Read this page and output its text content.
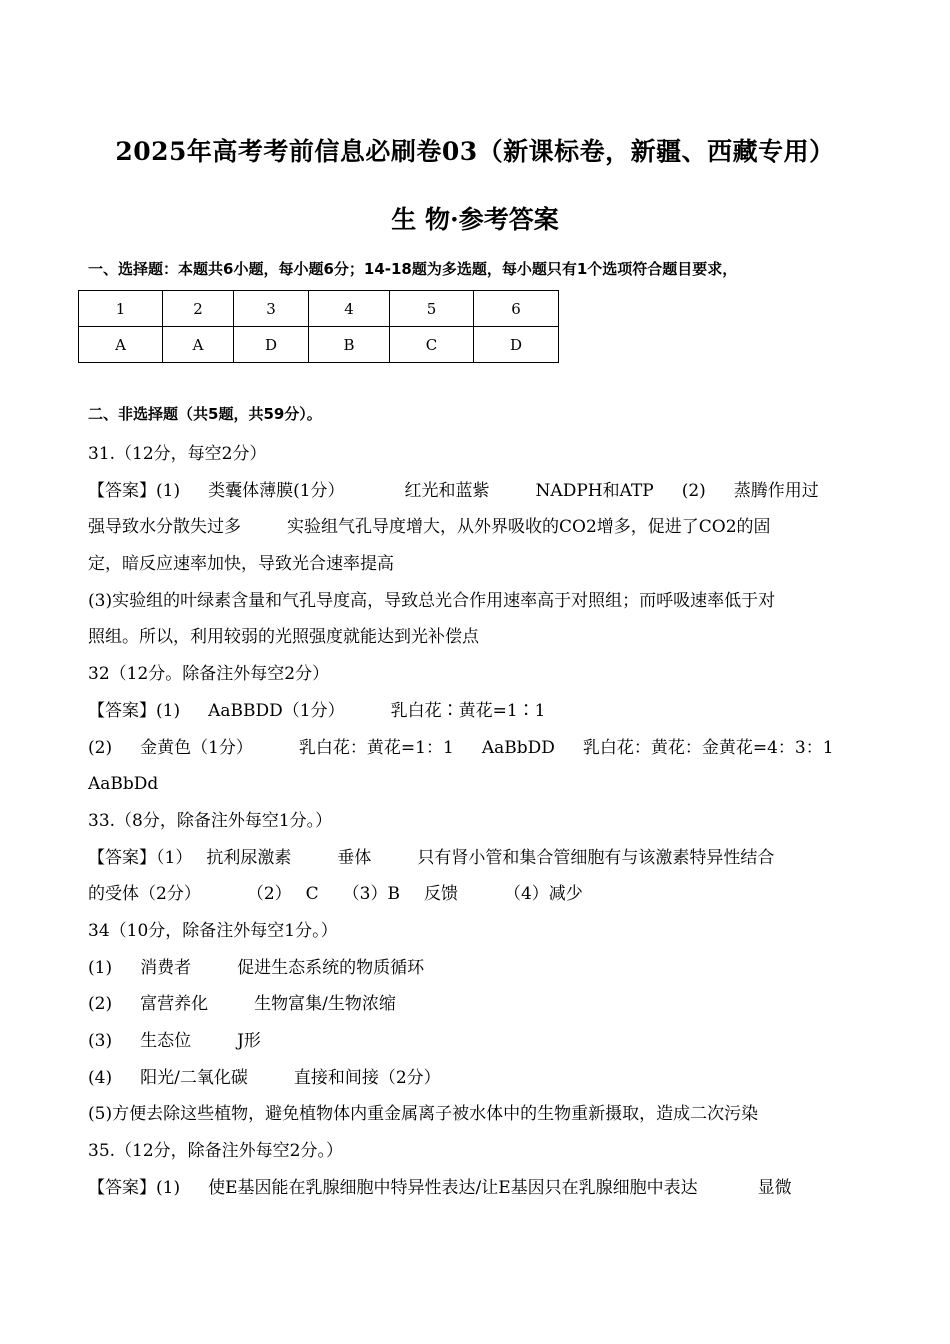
2025年高考考前信息必刷卷03（新课标卷，新疆、西藏专用）
生 物·参考答案
一、选择题：本题共6小题，每小题6分；14-18题为多选题，每小题只有1个选项符合题目要求，
1	2	3	4	5	6
A	A	D	B	C	D
二、非选择题（共5题，共59分）。
31.（12分，每空2分）
【答案】(1) 类囊体薄膜(1分）	红光和蓝紫	NADPH和ATP (2) 蒸腾作用过
强导致水分散失过多	实验组气孔导度增大，从外界吸收的CO2增多，促进了CO2的固
定，暗反应速率加快，导致光合速率提高
(3)实验组的叶绿素含量和气孔导度高，导致总光合作用速率高于对照组；而呼吸速率低于对
照组。所以，利用较弱的光照强度就能达到光补偿点
32（12分。除备注外每空2分）
【答案】(1) AaBBDD（1分）	乳白花∶黄花=1∶1
(2) 金黄色（1分）	乳白花：黄花=1：1 AaBbDD 乳白花：黄花：金黄花=4：3：1
AaBbDd
33.（8分，除备注外每空1分。）
【答案】（1） 抗利尿激素	垂体	只有肾小管和集合管细胞有与该激素特异性结合
的受体（2分）	（2） C （3）B 反馈	（4）减少
34（10分，除备注外每空1分。）
(1) 消费者	促进生态系统的物质循环
(2) 富营养化	生物富集/生物浓缩
(3) 生态位	J形
(4) 阳光/二氧化碳	直接和间接（2分）
(5)方便去除这些植物，避免植物体内重金属离子被水体中的生物重新摄取，造成二次污染
35.（12分，除备注外每空2分。）
【答案】(1) 使E基因能在乳腺细胞中特异性表达/让E基因只在乳腺细胞中表达	显微
